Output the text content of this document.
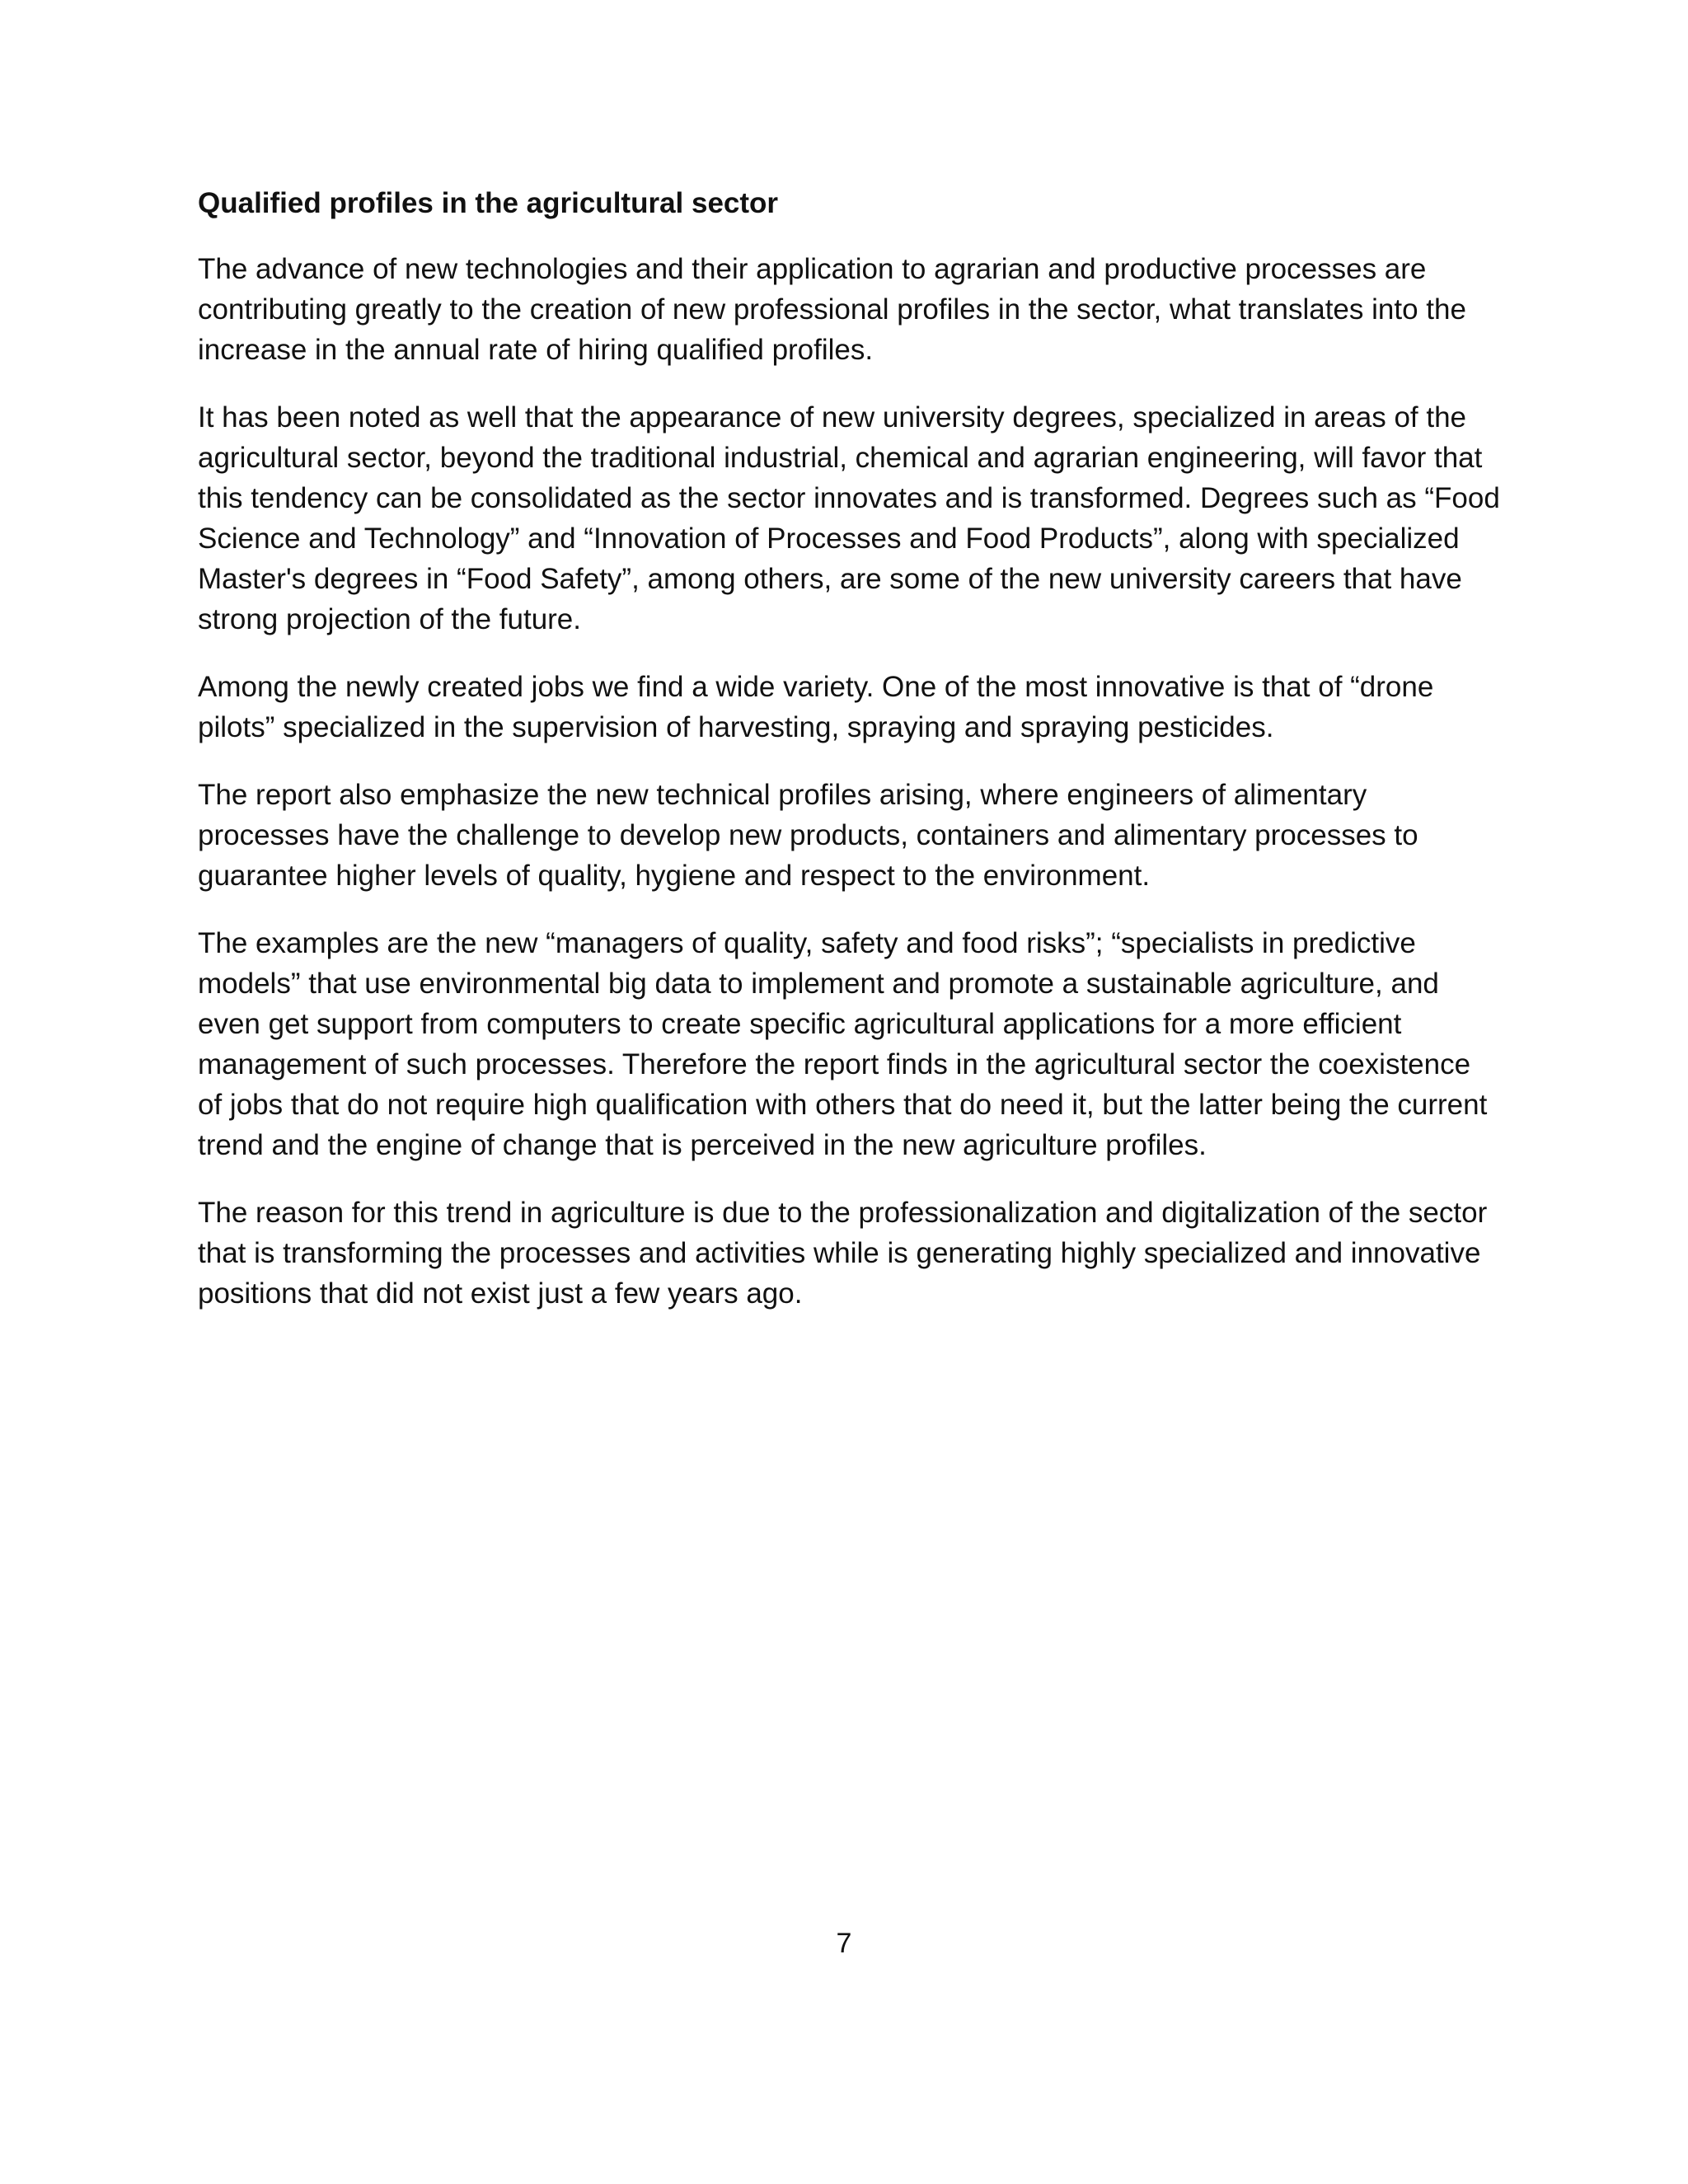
Qualified profiles in the agricultural sector

The advance of new technologies and their application to agrarian and productive processes are contributing greatly to the creation of new professional profiles in the sector, what translates into the increase in the annual rate of hiring qualified profiles.

It has been noted as well that the appearance of new university degrees, specialized in areas of the agricultural sector, beyond the traditional industrial, chemical and agrarian engineering, will favor that this tendency can be consolidated as the sector innovates and is transformed. Degrees such as “Food Science and Technology” and “Innovation of Processes and Food Products”, along with specialized Master's degrees in “Food Safety”, among others, are some of the new university careers that have strong projection of the future.

Among the newly created jobs we find a wide variety. One of the most innovative is that of “drone pilots” specialized in the supervision of harvesting, spraying and spraying pesticides.

The report also emphasize the new technical profiles arising, where engineers of alimentary processes have the challenge to develop new products, containers and alimentary processes to guarantee higher levels of quality, hygiene and respect to the environment.

The examples are the new “managers of quality, safety and food risks”; “specialists in predictive models” that use environmental big data to implement and promote a sustainable agriculture, and even get support from computers to create specific agricultural applications for a more efficient management of such processes. Therefore the report finds in the agricultural sector the coexistence of jobs that do not require high qualification with others that do need it, but the latter being the current trend and the engine of change that is perceived in the new agriculture profiles.

The reason for this trend in agriculture is due to the professionalization and digitalization of the sector that is transforming the processes and activities while is generating highly specialized and innovative positions that did not exist just a few years ago.

7
